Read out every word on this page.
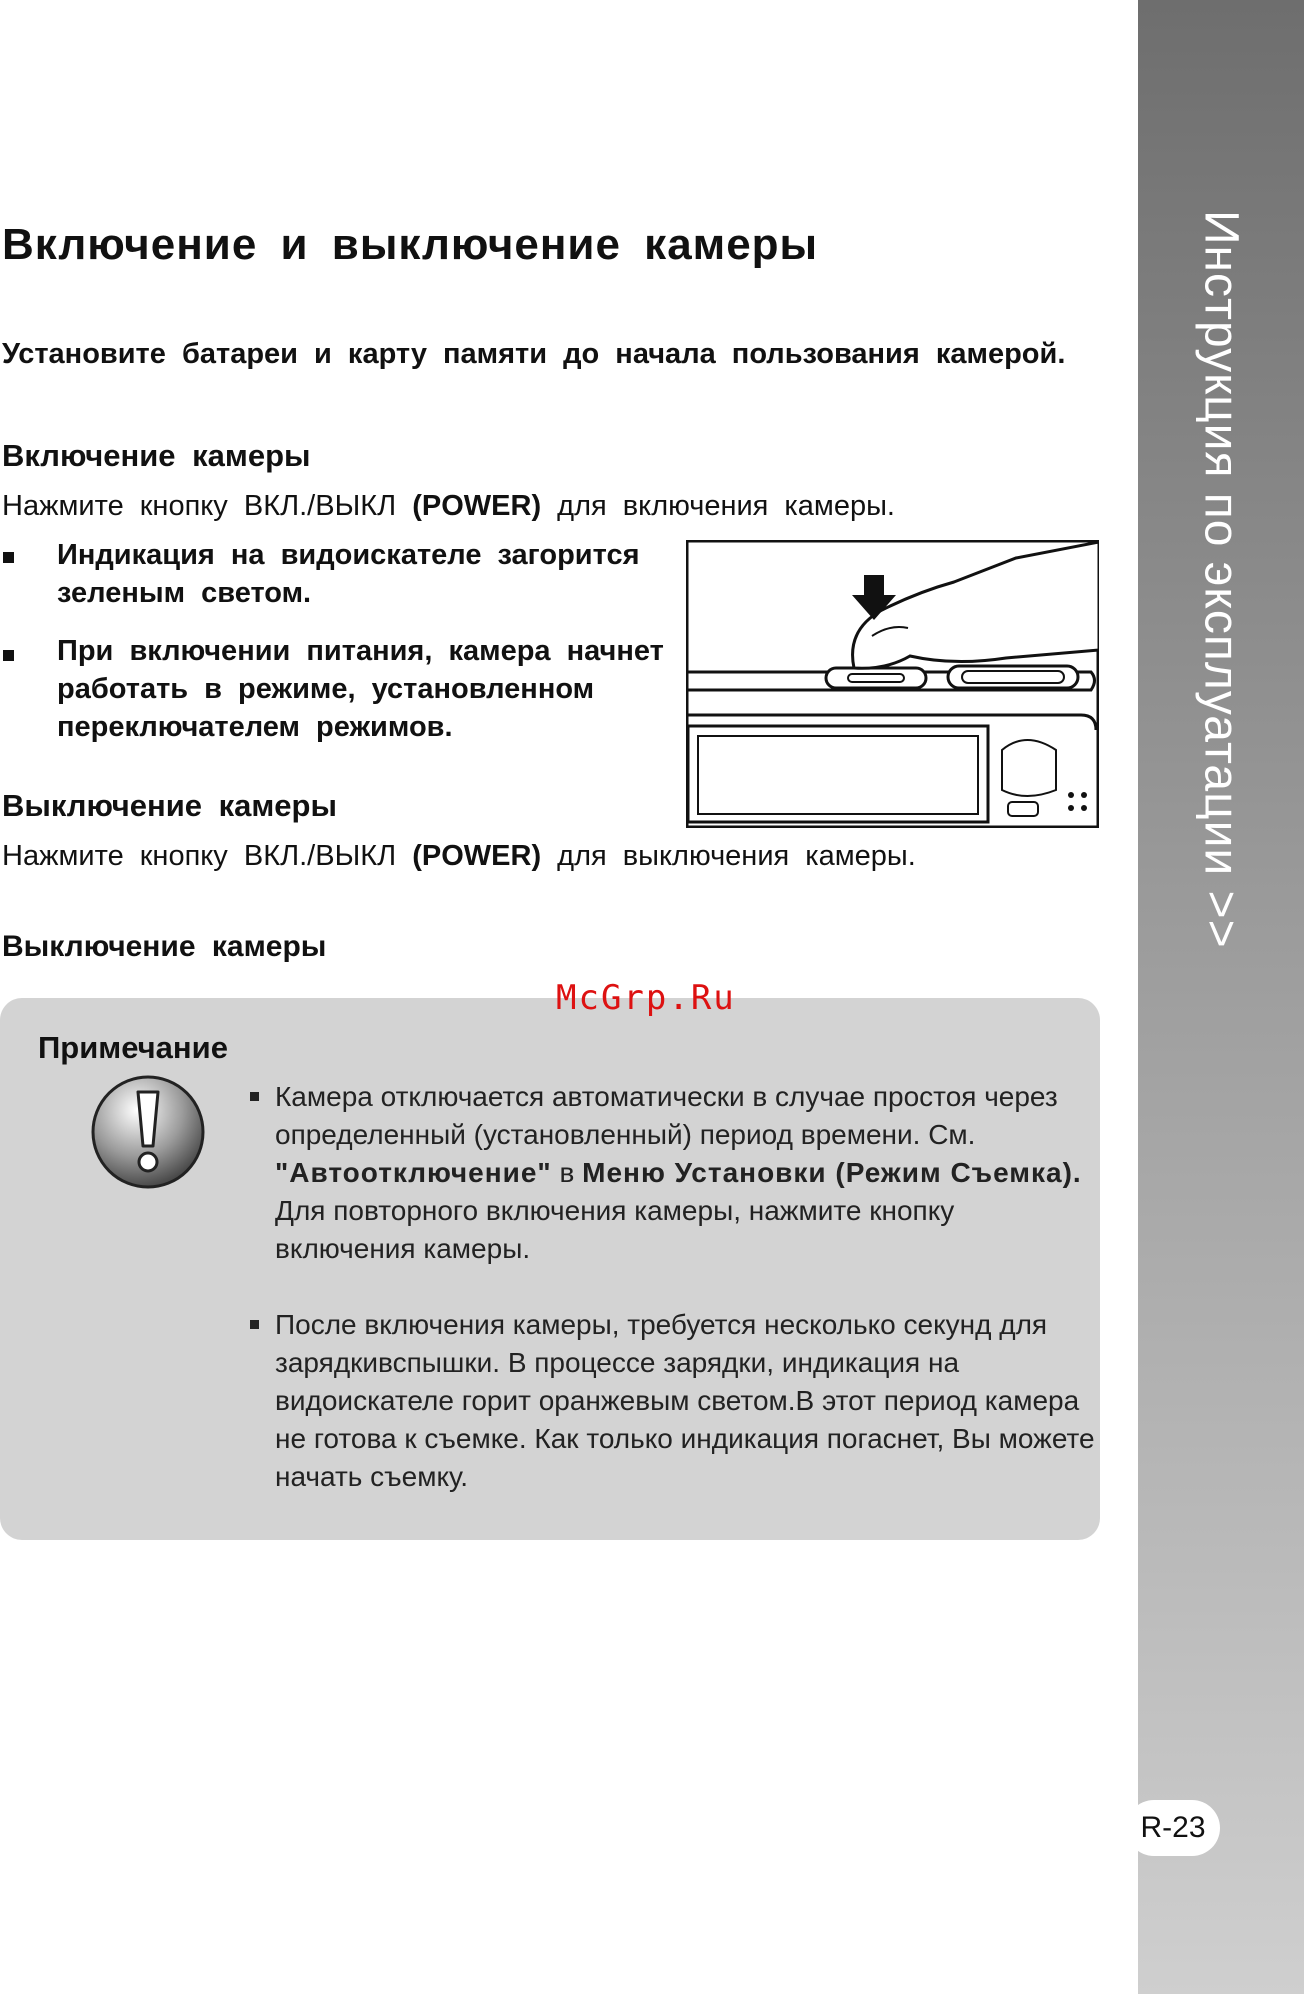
Инструкция по эксплуатации >>
R-23
Включение и выключение камеры
Установите батареи и карту памяти до начала пользования камерой.
Включение камеры
Нажмите кнопку ВКЛ./ВЫКЛ (POWER) для включения камеры.
Индикация на видоискателе загорится зеленым светом.
При включении питания, камера начнет работать в режиме, установленном переключателем режимов.
Выключение камеры
Нажмите кнопку ВКЛ./ВЫКЛ (POWER) для выключения камеры.
Выключение камеры
McGrp.Ru
Примечание
Камера отключается автоматически в случае простоя через определенный (установленный) период времени. См. "Автоотключение" в Меню Установки (Режим Съемка). Для повторного включения камеры, нажмите кнопку включения камеры.
После включения камеры, требуется несколько секунд для зарядкивспышки. В процессе зарядки, индикация на видоискателе горит оранжевым светом.В этот период камера не готова к съемке. Как только индикация погаснет, Вы можете начать съемку.
